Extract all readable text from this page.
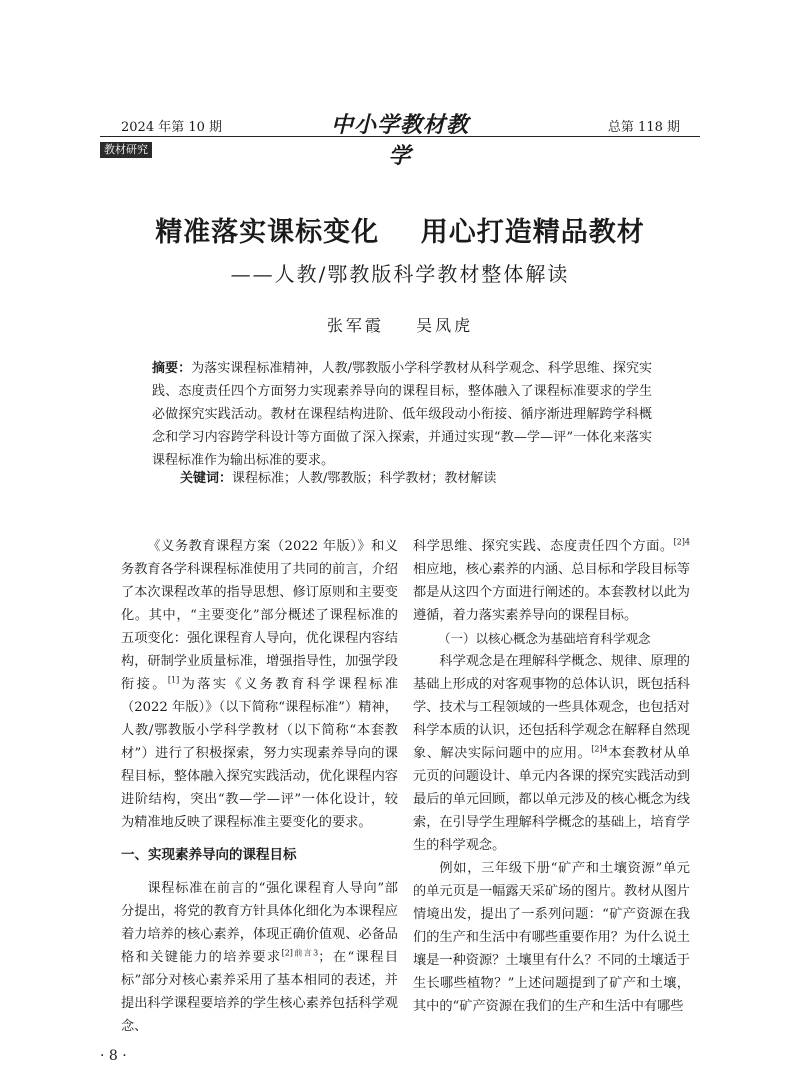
2024 年第 10 期	中小学教材教学
总第 118 期
教材研究
精准落实课标变化    用心打造精品教材
——人教/鄂教版科学教材整体解读
张军霞    吴凤虎
摘要：为落实课程标准精神，人教/鄂教版小学科学教材从科学观念、科学思维、探究实践、态度责任四个方面努力实现素养导向的课程目标，整体融入了课程标准要求的学生必做探究实践活动。教材在课程结构进阶、低年级段动小衔接、循序渐进理解跨学科概念和学习内容跨学科设计等方面做了深入探索，并通过实现“教—学—评”一体化来落实课程标准作为输出标准的要求。
关键词：课程标准；人教/鄂教版；科学教材；教材解读

《义务教育课程方案（2022 年版）》和义务教育各学科课程标准使用了共同的前言，介绍了本次课程改革的指导思想、修订原则和主要变化。其中，“主要变化”部分概述了课程标准的五项变化：强化课程育人导向，优化课程内容结构，研制学业质量标准，增强指导性，加强学段衔接。[1]为落实《义务教育科学课程标准（2022 年版）》（以下简称“课程标准”）精神，人教/鄂教版小学科学教材（以下简称“本套教材”）进行了积极探索，努力实现素养导向的课程目标，整体融入探究实践活动，优化课程内容进阶结构，突出“教—学—评”一体化设计，较为精准地反映了课程标准主要变化的要求。

一、实现素养导向的课程目标

课程标准在前言的“强化课程育人导向”部分提出，将党的教育方针具体化细化为本课程应着力培养的核心素养，体现正确价值观、必备品格和关键能力的培养要求$^{[2]前言3}$；在“课程目标”部分对核心素养采用了基本相同的表述，并提出科学课程要培养的学生核心素养包括科学观念、

科学思维、探究实践、态度责任四个方面。$^{[2]4}$相应地，核心素养的内涵、总目标和学段目标等都是从这四个方面进行阐述的。本套教材以此为遵循，着力落实素养导向的课程目标。

（一）以核心概念为基础培育科学观念

科学观念是在理解科学概念、规律、原理的基础上形成的对客观事物的总体认识，既包括科学、技术与工程领域的一些具体观念，也包括对科学本质的认识，还包括科学观念在解释自然现象、解决实际问题中的应用。$^{[2]4}$本套教材从单元页的问题设计、单元内各课的探究实践活动到最后的单元回顾，都以单元涉及的核心概念为线索，在引导学生理解科学概念的基础上，培育学生的科学观念。

例如，三年级下册“矿产和土壤资源”单元的单元页是一幅露天采矿场的图片。教材从图片情境出发，提出了一系列问题：“矿产资源在我们的生产和生活中有哪些重要作用？为什么说土壤是一种资源？土壤里有什么？不同的土壤适于生长哪些植物？”上述问题提到了矿产和土壤，其中的“矿产资源在我们的生产和生活中有哪些

· 8 ·
